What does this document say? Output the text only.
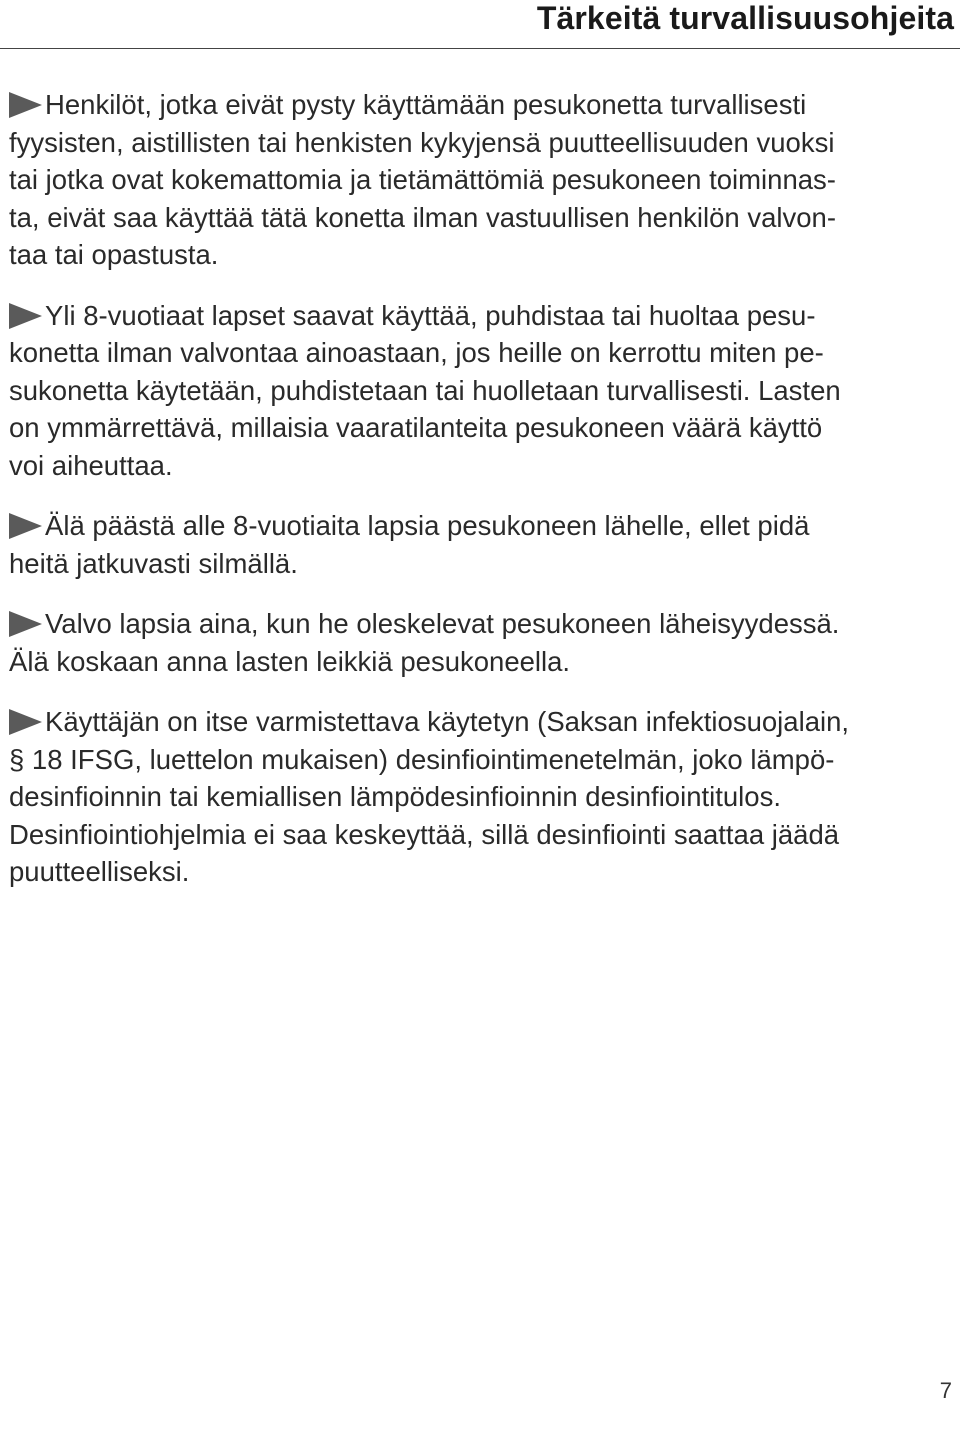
Tärkeitä turvallisuusohjeita
Henkilöt, jotka eivät pysty käyttämään pesukonetta turvallisesti
fyysisten, aistillisten tai henkisten kykyjensä puutteellisuuden vuoksi
tai jotka ovat kokemattomia ja tietämättömiä pesukoneen toiminnas-
ta, eivät saa käyttää tätä konetta ilman vastuullisen henkilön valvon-
taa tai opastusta.
Yli 8-vuotiaat lapset saavat käyttää, puhdistaa tai huoltaa pesu-
konetta ilman valvontaa ainoastaan, jos heille on kerrottu miten pe-
sukonetta käytetään, puhdistetaan tai huolletaan turvallisesti. Lasten
on ymmärrettävä, millaisia vaaratilanteita pesukoneen väärä käyttö
voi aiheuttaa.
Älä päästä alle 8-vuotiaita lapsia pesukoneen lähelle, ellet pidä
heitä jatkuvasti silmällä.
Valvo lapsia aina, kun he oleskelevat pesukoneen läheisyydessä.
Älä koskaan anna lasten leikkiä pesukoneella.
Käyttäjän on itse varmistettava käytetyn (Saksan infektiosuojalain,
§ 18 IFSG, luettelon mukaisen) desinfiointimenetelmän, joko lämpö-
desinfioinnin tai kemiallisen lämpödesinfioinnin desinfiointitulos.
Desinfiointiohjelmia ei saa keskeyttää, sillä desinfiointi saattaa jäädä
puutteelliseksi.
7
